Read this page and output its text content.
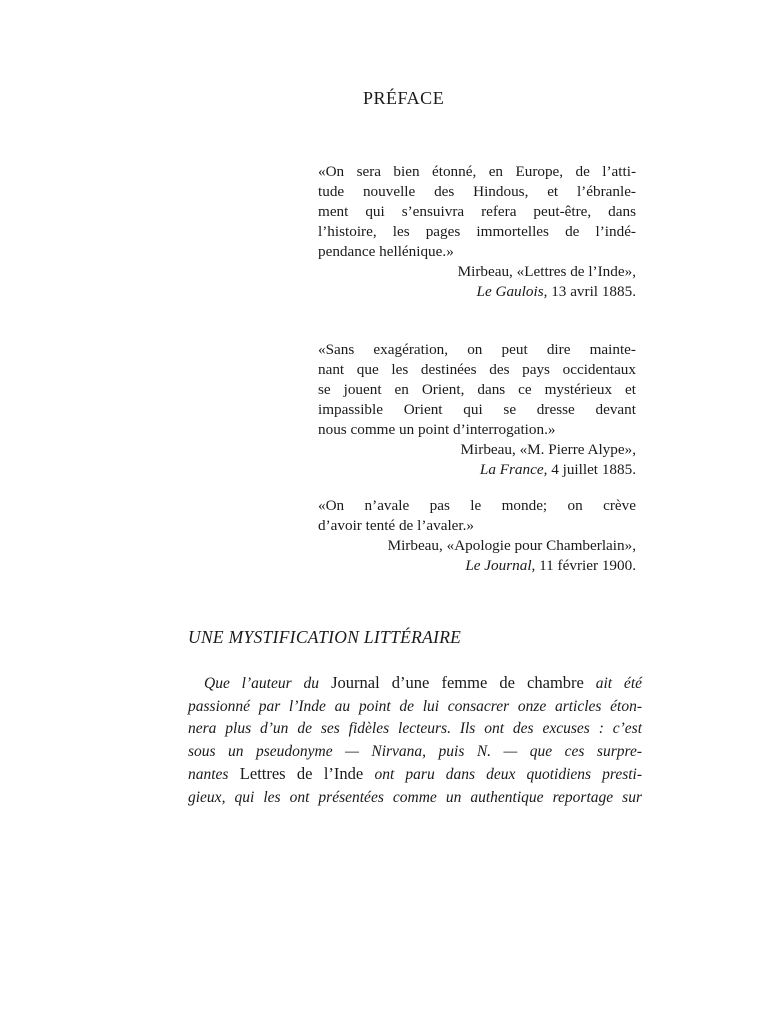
PRÉFACE
«On sera bien étonné, en Europe, de l’atti-
tude nouvelle des Hindous, et l’ébranle-
ment qui s’ensuivra refera peut-être, dans
l’histoire, les pages immortelles de l’indé-
pendance hellénique.»
Mirbeau, «Lettres de l’Inde»,
Le Gaulois, 13 avril 1885.
«Sans exagération, on peut dire mainte-
nant que les destinées des pays occidentaux
se jouent en Orient, dans ce mystérieux et
impassible Orient qui se dresse devant
nous comme un point d’interrogation.»
Mirbeau, «M. Pierre Alype»,
La France, 4 juillet 1885.
«On n’avale pas le monde; on crève
d’avoir tenté de l’avaler.»
Mirbeau, «Apologie pour Chamberlain»,
Le Journal, 11 février 1900.
UNE MYSTIFICATION LITTÉRAIRE
Que l’auteur du Journal d’une femme de chambre ait été
passionné par l’Inde au point de lui consacrer onze articles éton-
nera plus d’un de ses fidèles lecteurs. Ils ont des excuses : c’est
sous un pseudonyme — Nirvana, puis N. — que ces surpre-
nantes Lettres de l’Inde ont paru dans deux quotidiens presti-
gieux, qui les ont présentées comme un authentique reportage sur
